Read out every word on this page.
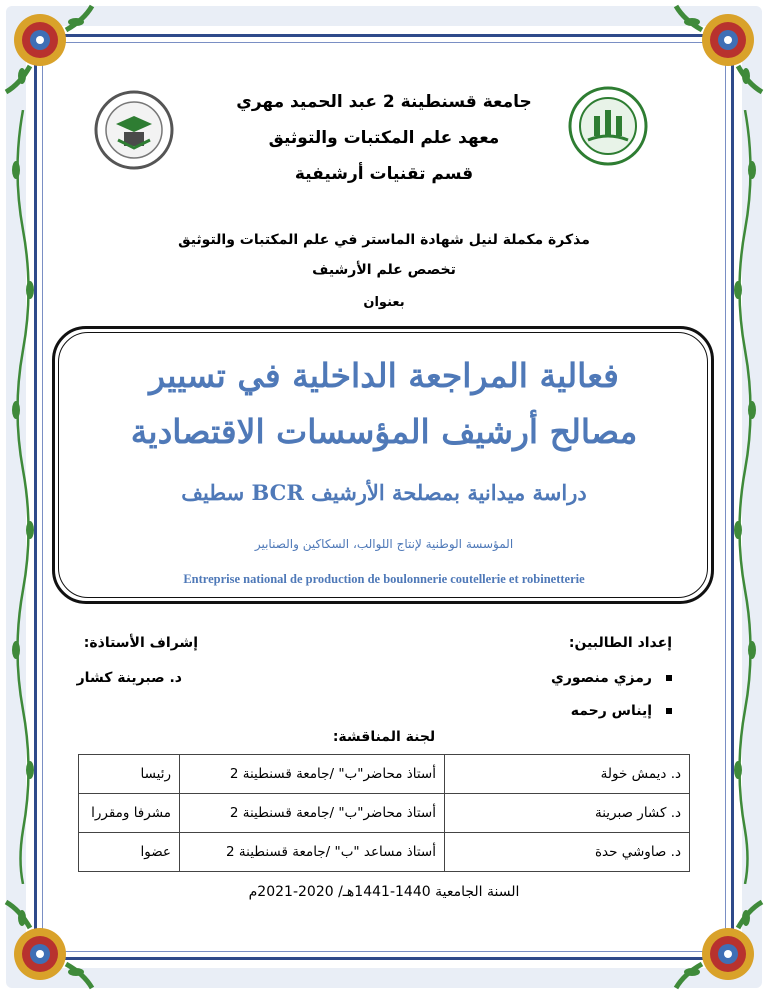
جامعة قسنطينة 2 عبد الحميد مهري
معهد علم المكتبات والتوثيق
قسم تقنيات أرشيفية
مذكرة مكملة لنيل شهادة الماستر في علم المكتبات والتوثيق
تخصص علم الأرشيف
بعنوان
فعالية المراجعة الداخلية في تسيير
مصالح أرشيف المؤسسات الاقتصادية
دراسة ميدانية بمصلحة الأرشيف BCR سطيف
المؤسسة الوطنية لإنتاج اللوالب، السكاكين والصنابير
Entreprise national de production de boulonnerie coutellerie et robinetterie
إعداد الطالبين:
إشراف الأستاذة:
رمزي منصوري
إيناس رحمه
د. صبرينة كشار
لجنة المناقشة:
د. ديمش خولة	أستاذ محاضر"ب" /جامعة قسنطينة 2	رئيسا
د. كشار صبرينة	أستاذ محاضر"ب" /جامعة قسنطينة 2	مشرفا ومقررا
د. صاوشي حدة	أستاذ مساعد "ب" /جامعة قسنطينة 2	عضوا
السنة الجامعية 1440-1441هـ/ 2020-2021م
